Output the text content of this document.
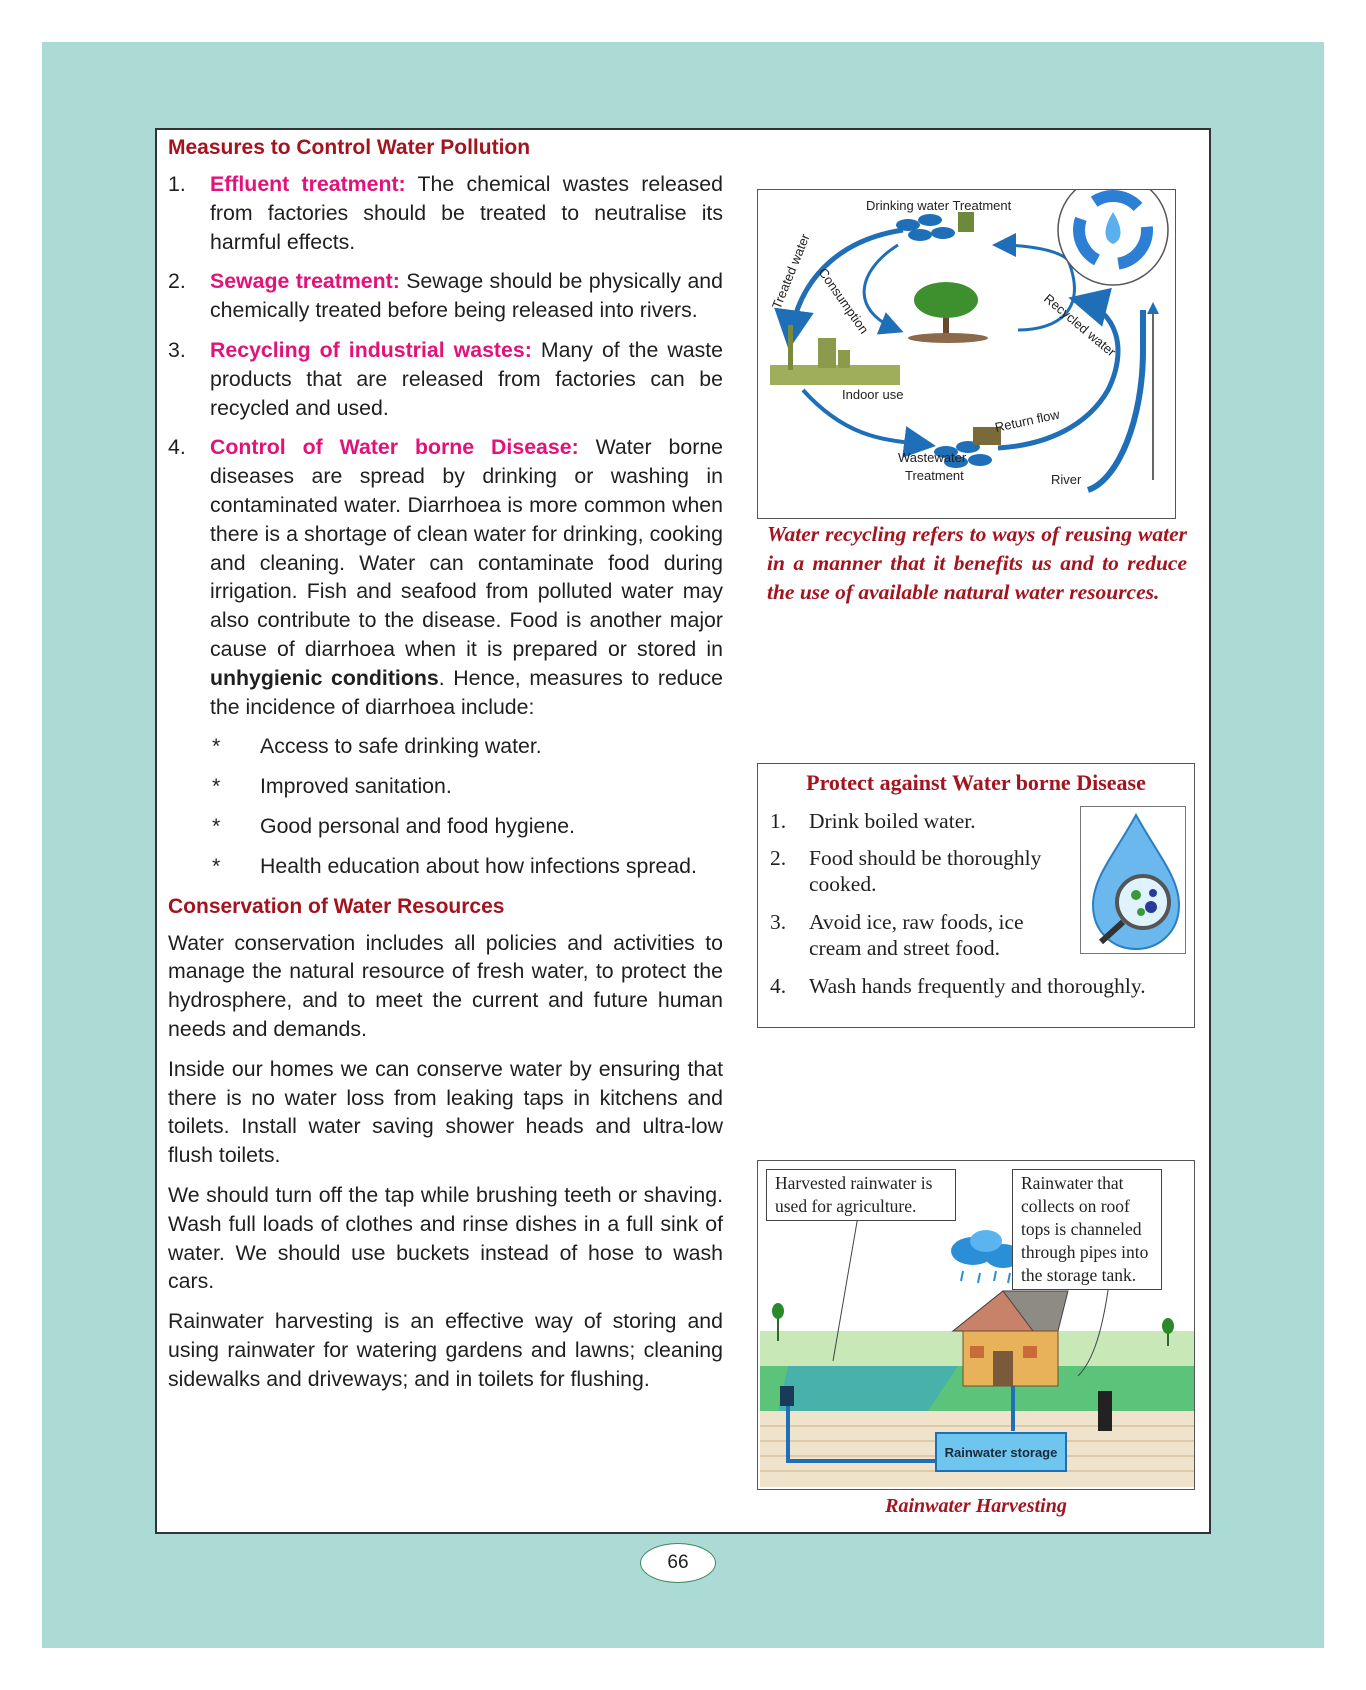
Measures to Control Water Pollution
1. Effluent treatment: The chemical wastes released from factories should be treated to neutralise its harmful effects.
2. Sewage treatment: Sewage should be physically and chemically treated before being released into rivers.
3. Recycling of industrial wastes: Many of the waste products that are released from factories can be recycled and used.
4. Control of Water borne Disease: Water borne diseases are spread by drinking or washing in contaminated water. Diarrhoea is more common when there is a shortage of clean water for drinking, cooking and cleaning. Water can contaminate food during irrigation. Fish and seafood from polluted water may also contribute to the disease. Food is another major cause of diarrhoea when it is prepared or stored in unhygienic conditions. Hence, measures to reduce the incidence of diarrhoea include:
* Access to safe drinking water.
* Improved sanitation.
* Good personal and food hygiene.
* Health education about how infections spread.
Conservation of Water Resources

Water conservation includes all policies and activities to manage the natural resource of fresh water, to protect the hydrosphere, and to meet the current and future human needs and demands.

Inside our homes we can conserve water by ensuring that there is no water loss from leaking taps in kitchens and toilets. Install water saving shower heads and ultra-low flush toilets.

We should turn off the tap while brushing teeth or shaving. Wash full loads of clothes and rinse dishes in a full sink of water. We should use buckets instead of hose to wash cars.

Rainwater harvesting is an effective way of storing and using rainwater for watering gardens and lawns; cleaning sidewalks and driveways; and in toilets for flushing.

Drinking water Treatment
Treated water Consumption	Recycled water
Indoor use
Return flow
Wastewater
Treatment	River
Water recycling refers to ways of reusing water in a manner that it benefits us and to reduce the use of available natural water resources.
Protect against Water borne Disease
1. Drink boiled water.
2. Food should be thoroughly
cooked.
3. Avoid ice, raw foods, ice
cream and street food.
4. Wash hands frequently and thoroughly.
Rainwater storage
Harvested rainwater is
used for agriculture.
Rainwater that
collects on roof
tops is channeled
through pipes into
the storage tank.
Rainwater Harvesting
66
